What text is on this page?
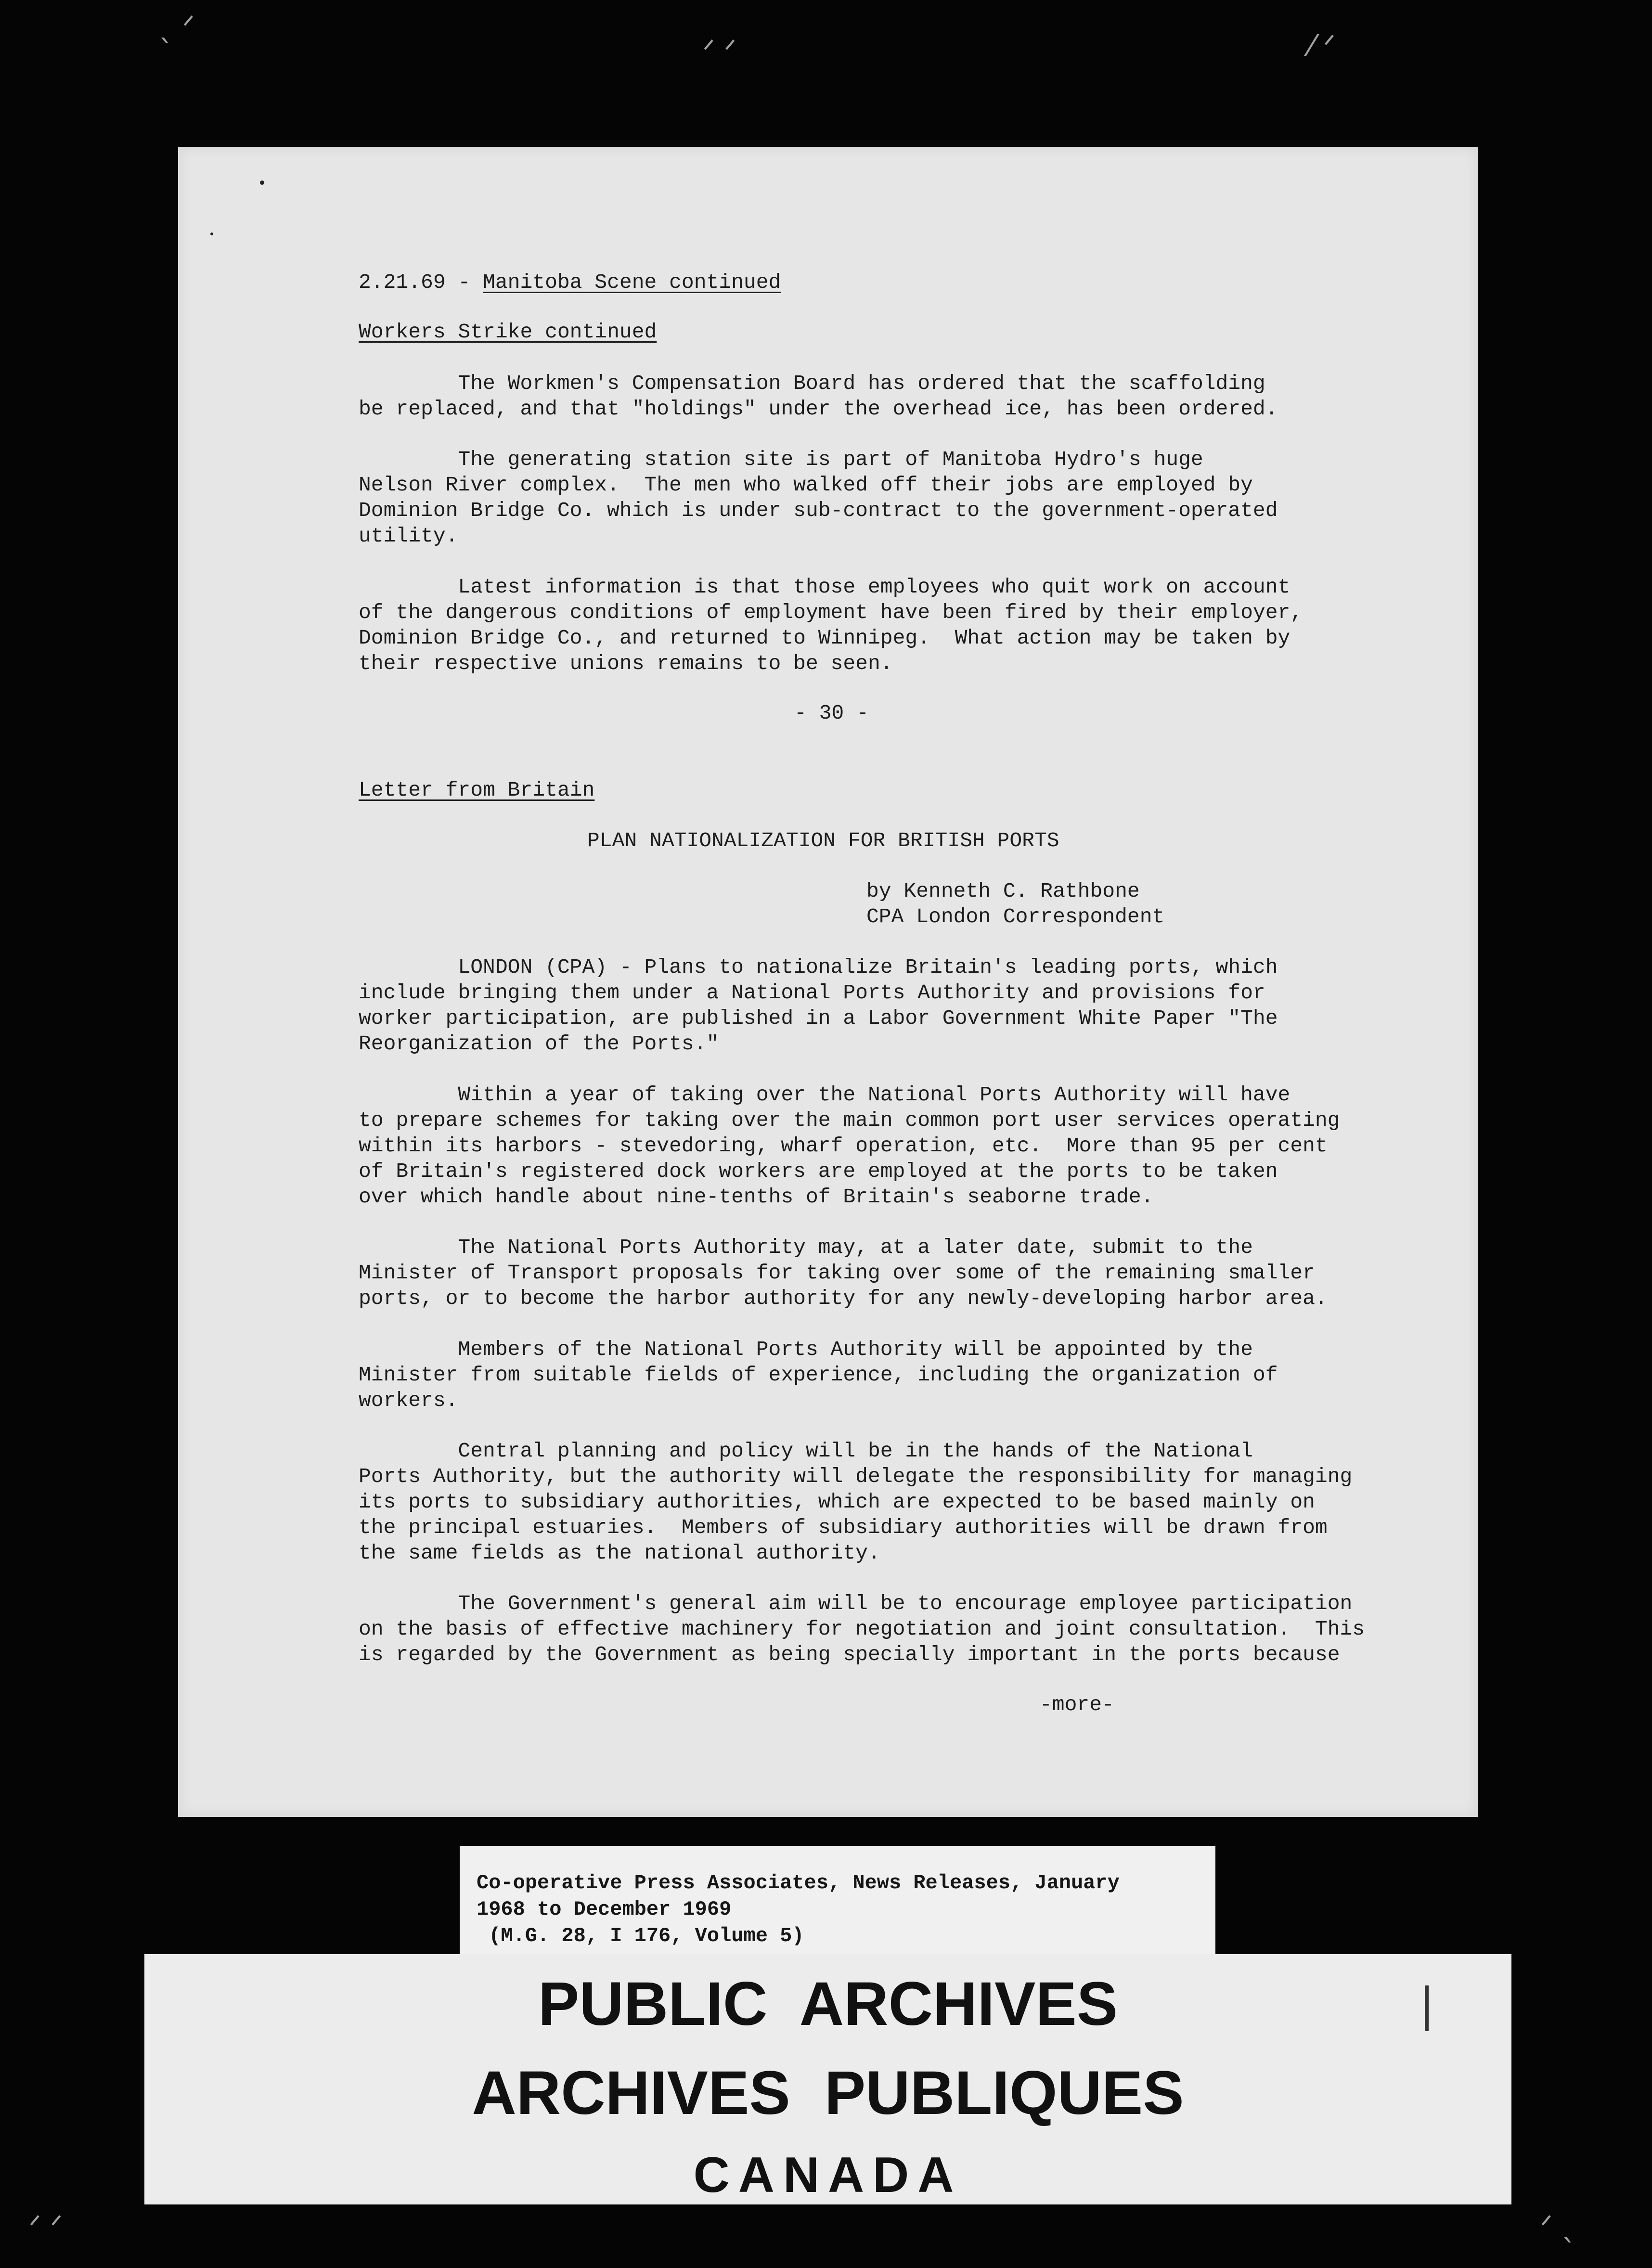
ˎ ᐟ
ᐟ ᐟ	⁄ ᐟ
ᐟ ᐟ	ᐟ ˎ
2.21.69 - Manitoba Scene continued
Workers Strike continued
The Workmen's Compensation Board has ordered that the scaffolding
be replaced, and that "holdings" under the overhead ice, has been ordered.
The generating station site is part of Manitoba Hydro's huge
Nelson River complex.  The men who walked off their jobs are employed by
Dominion Bridge Co. which is under sub-contract to the government-operated
utility.
Latest information is that those employees who quit work on account
of the dangerous conditions of employment have been fired by their employer,
Dominion Bridge Co., and returned to Winnipeg.  What action may be taken by
their respective unions remains to be seen.
- 30 -
Letter from Britain
PLAN NATIONALIZATION FOR BRITISH PORTS
by Kenneth C. Rathbone
CPA London Correspondent
LONDON (CPA) - Plans to nationalize Britain's leading ports, which
include bringing them under a National Ports Authority and provisions for
worker participation, are published in a Labor Government White Paper "The
Reorganization of the Ports."
Within a year of taking over the National Ports Authority will have
to prepare schemes for taking over the main common port user services operating
within its harbors - stevedoring, wharf operation, etc.  More than 95 per cent
of Britain's registered dock workers are employed at the ports to be taken
over which handle about nine-tenths of Britain's seaborne trade.
The National Ports Authority may, at a later date, submit to the
Minister of Transport proposals for taking over some of the remaining smaller
ports, or to become the harbor authority for any newly-developing harbor area.
Members of the National Ports Authority will be appointed by the
Minister from suitable fields of experience, including the organization of
workers.
Central planning and policy will be in the hands of the National
Ports Authority, but the authority will delegate the responsibility for managing
its ports to subsidiary authorities, which are expected to be based mainly on
the principal estuaries.  Members of subsidiary authorities will be drawn from
the same fields as the national authority.
The Government's general aim will be to encourage employee participation
on the basis of effective machinery for negotiation and joint consultation.  This
is regarded by the Government as being specially important in the ports because
-more-
Co-operative Press Associates, News Releases, January
1968 to December 1969
(M.G. 28, I 176, Volume 5)
PUBLIC  ARCHIVES
ARCHIVES  PUBLIQUES
CANADA
